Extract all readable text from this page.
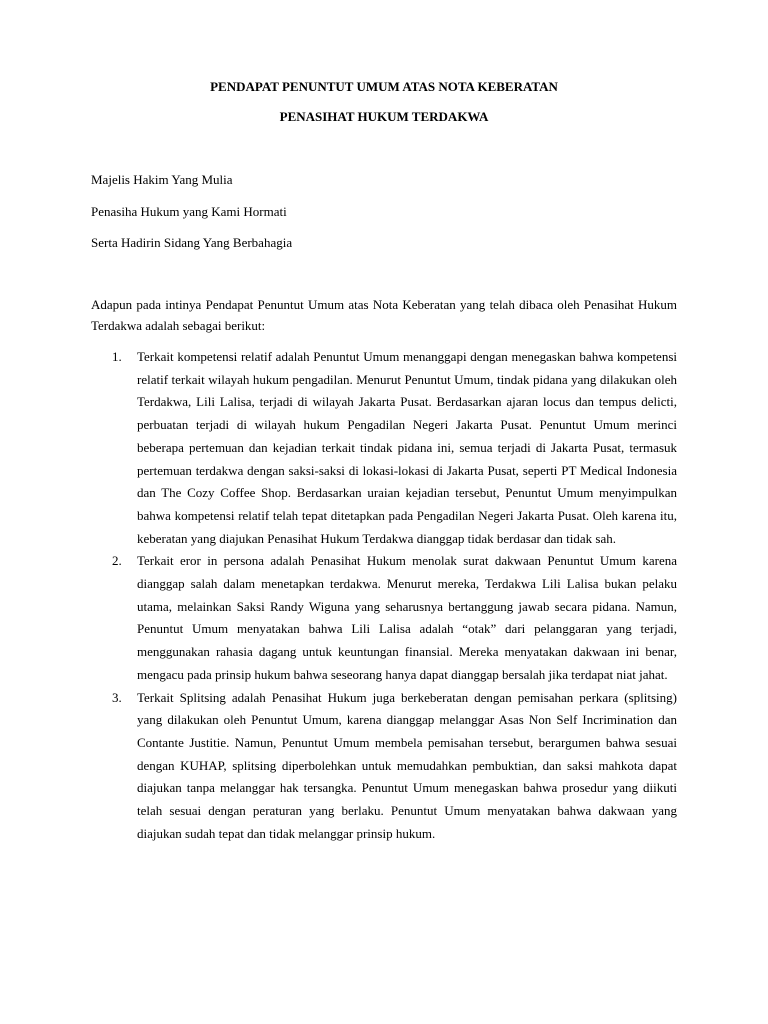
PENDAPAT PENUNTUT UMUM ATAS NOTA KEBERATAN

PENASIHAT HUKUM TERDAKWA

Majelis Hakim Yang Mulia

Penasiha Hukum yang Kami Hormati

Serta Hadirin Sidang Yang Berbahagia

Adapun pada intinya Pendapat Penuntut Umum atas Nota Keberatan yang telah dibaca oleh Penasihat Hukum Terdakwa adalah sebagai berikut:

1. Terkait kompetensi relatif adalah Penuntut Umum menanggapi dengan menegaskan bahwa kompetensi relatif terkait wilayah hukum pengadilan. Menurut Penuntut Umum, tindak pidana yang dilakukan oleh Terdakwa, Lili Lalisa, terjadi di wilayah Jakarta Pusat. Berdasarkan ajaran locus dan tempus delicti, perbuatan terjadi di wilayah hukum Pengadilan Negeri Jakarta Pusat. Penuntut Umum merinci beberapa pertemuan dan kejadian terkait tindak pidana ini, semua terjadi di Jakarta Pusat, termasuk pertemuan terdakwa dengan saksi-saksi di lokasi-lokasi di Jakarta Pusat, seperti PT Medical Indonesia dan The Cozy Coffee Shop. Berdasarkan uraian kejadian tersebut, Penuntut Umum menyimpulkan bahwa kompetensi relatif telah tepat ditetapkan pada Pengadilan Negeri Jakarta Pusat. Oleh karena itu, keberatan yang diajukan Penasihat Hukum Terdakwa dianggap tidak berdasar dan tidak sah.
2. Terkait eror in persona adalah Penasihat Hukum menolak surat dakwaan Penuntut Umum karena dianggap salah dalam menetapkan terdakwa. Menurut mereka, Terdakwa Lili Lalisa bukan pelaku utama, melainkan Saksi Randy Wiguna yang seharusnya bertanggung jawab secara pidana. Namun, Penuntut Umum menyatakan bahwa Lili Lalisa adalah “otak” dari pelanggaran yang terjadi, menggunakan rahasia dagang untuk keuntungan finansial. Mereka menyatakan dakwaan ini benar, mengacu pada prinsip hukum bahwa seseorang hanya dapat dianggap bersalah jika terdapat niat jahat.
3. Terkait Splitsing adalah Penasihat Hukum juga berkeberatan dengan pemisahan perkara (splitsing) yang dilakukan oleh Penuntut Umum, karena dianggap melanggar Asas Non Self Incrimination dan Contante Justitie. Namun, Penuntut Umum membela pemisahan tersebut, berargumen bahwa sesuai dengan KUHAP, splitsing diperbolehkan untuk memudahkan pembuktian, dan saksi mahkota dapat diajukan tanpa melanggar hak tersangka. Penuntut Umum menegaskan bahwa prosedur yang diikuti telah sesuai dengan peraturan yang berlaku. Penuntut Umum menyatakan bahwa dakwaan yang diajukan sudah tepat dan tidak melanggar prinsip hukum.
